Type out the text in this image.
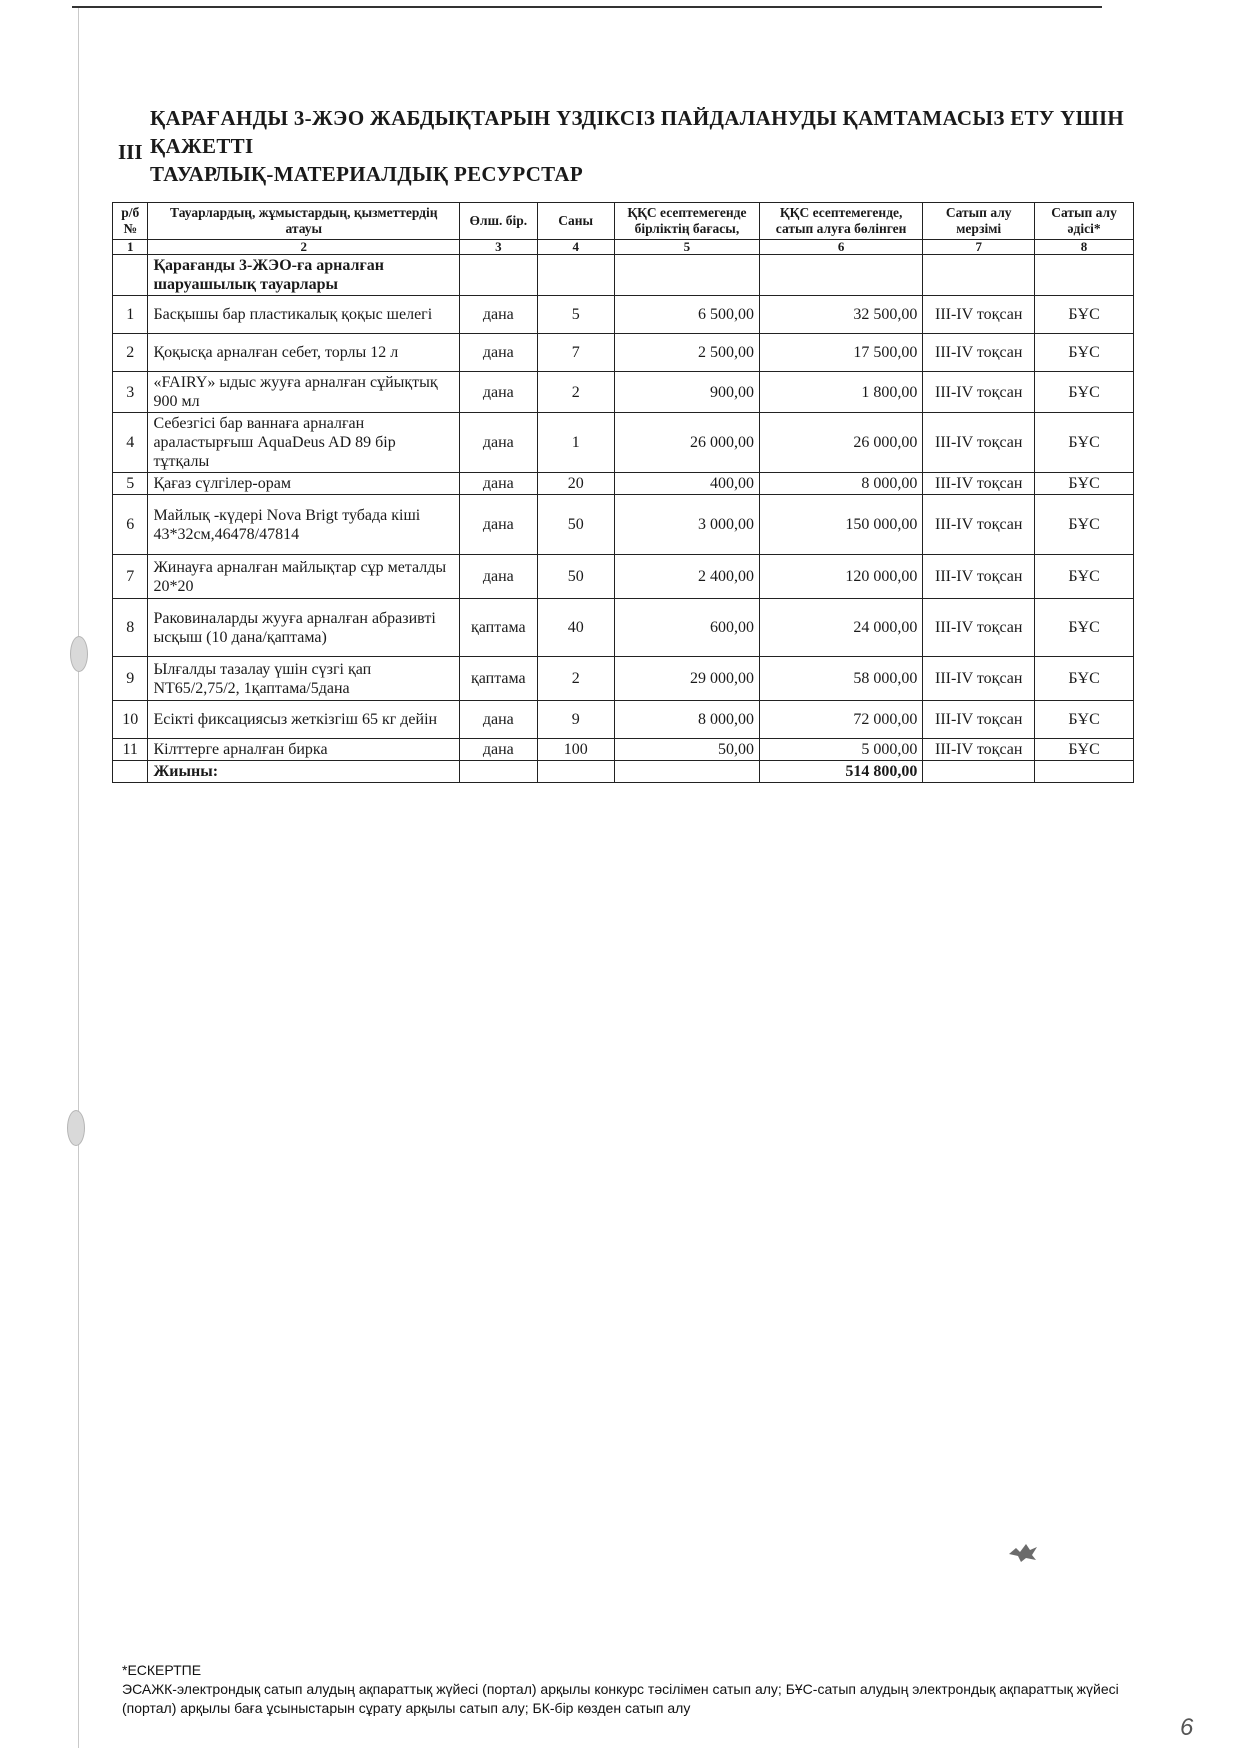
III
ҚАРАҒАНДЫ 3-ЖЭО ЖАБДЫҚТАРЫН ҮЗДІКСІЗ ПАЙДАЛАНУДЫ ҚАМТАМАСЫЗ ЕТУ ҮШІН
ҚАЖЕТТІ
ТАУАРЛЫҚ-МАТЕРИАЛДЫҚ РЕСУРСТАР
р/б №	Тауарлардың, жұмыстардың, қызметтердің атауы	Өлш. бір.	Саны	ҚҚС есептемегенде бірліктің бағасы,	ҚҚС есептемегенде, сатып алуға бөлінген	Сатып алу мерзімі	Сатып алу әдісі*
1	2	3	4	5	6	7	8
	Қарағанды 3-ЖЭО-ға арналған шаруашылық тауарлары						
1	Басқышы бар пластикалық қоқыс шелегі	дана	5	6 500,00	32 500,00	III-IV тоқсан	БҰС
2	Қоқысқа арналған себет, торлы 12 л	дана	7	2 500,00	17 500,00	III-IV тоқсан	БҰС
3	«FAIRY» ыдыс жууға арналған сұйықтық 900 мл	дана	2	900,00	1 800,00	III-IV тоқсан	БҰС
4	Себезгісі бар ваннаға арналған араластырғыш AquaDeus AD 89 бір тұтқалы	дана	1	26 000,00	26 000,00	III-IV тоқсан	БҰС
5	Қағаз сүлгілер-орам	дана	20	400,00	8 000,00	III-IV тоқсан	БҰС
6	Майлық -күдері Nova Brigt тубада кіші 43*32см,46478/47814	дана	50	3 000,00	150 000,00	III-IV тоқсан	БҰС
7	Жинауға арналған майлықтар сұр металды 20*20	дана	50	2 400,00	120 000,00	III-IV тоқсан	БҰС
8	Раковиналарды жууға арналған абразивті ысқыш (10 дана/қаптама)	қаптама	40	600,00	24 000,00	III-IV тоқсан	БҰС
9	Ылғалды тазалау үшін сүзгі қап NT65/2,75/2, 1қаптама/5дана	қаптама	2	29 000,00	58 000,00	III-IV тоқсан	БҰС
10	Есікті фиксациясыз жеткізгіш 65 кг дейін	дана	9	8 000,00	72 000,00	III-IV тоқсан	БҰС
11	Кілттерге арналған бирка	дана	100	50,00	5 000,00	III-IV тоқсан	БҰС
	Жиыны:				514 800,00		
*ЕСКЕРТПЕ
ЭСАЖК-электрондық сатып алудың ақпараттық жүйесі (портал) арқылы конкурс тәсілімен сатып алу; БҰС-сатып алудың электрондық ақпараттық жүйесі (портал) арқылы баға ұсыныстарын сұрату арқылы сатып алу; БК-бір көзден сатып алу
6
